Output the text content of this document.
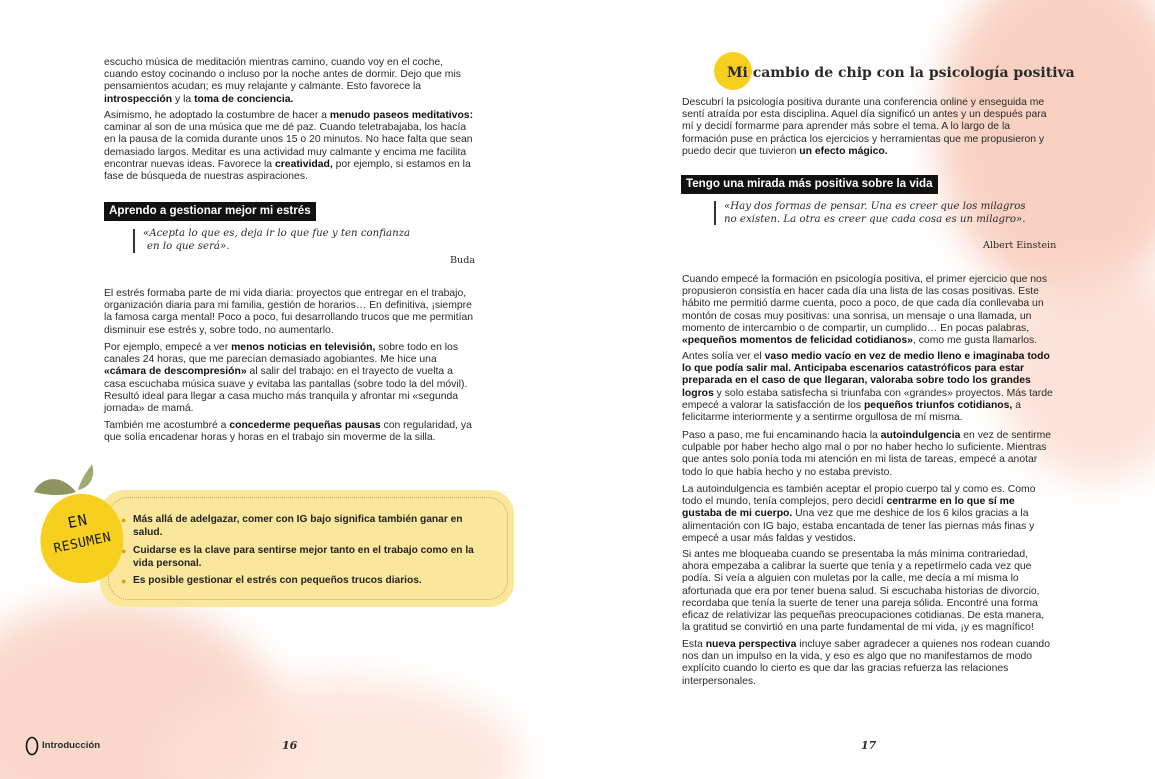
escucho música de meditación mientras camino, cuando voy en el coche, cuando estoy cocinando o incluso por la noche antes de dormir. Dejo que mis pensamientos acudan; es muy relajante y calmante. Esto favorece la introspección y la toma de conciencia.

Asimismo, he adoptado la costumbre de hacer a menudo paseos meditativos: caminar al son de una música que me dé paz. Cuando teletrabajaba, los hacía en la pausa de la comida durante unos 15 o 20 minutos. No hace falta que sean demasiado largos. Meditar es una actividad muy calmante y encima me facilita encontrar nuevas ideas. Favorece la creatividad, por ejemplo, si estamos en la fase de búsqueda de nuestras aspiraciones.

Aprendo a gestionar mejor mi estrés
«Acepta lo que es, deja ir lo que fue y ten confianza
en lo que será».
Buda

El estrés formaba parte de mi vida diaria: proyectos que entregar en el trabajo, organización diaria para mi familia, gestión de horarios… En definitiva, ¡siempre la famosa carga mental! Poco a poco, fui desarrollando trucos que me permitían disminuir ese estrés y, sobre todo, no aumentarlo.

Por ejemplo, empecé a ver menos noticias en televisión, sobre todo en los canales 24 horas, que me parecían demasiado agobiantes. Me hice una «cámara de descompresión» al salir del trabajo: en el trayecto de vuelta a casa escuchaba música suave y evitaba las pantallas (sobre todo la del móvil). Resultó ideal para llegar a casa mucho más tranquila y afrontar mi «segunda jornada» de mamá.

También me acostumbré a concederme pequeñas pausas con regularidad, ya que solía encadenar horas y horas en el trabajo sin moverme de la silla.

EN
RESUMEN
● Más allá de adelgazar, comer con IG bajo significa también ganar en salud.
● Cuidarse es la clave para sentirse mejor tanto en el trabajo como en la vida personal.
● Es posible gestionar el estrés con pequeños trucos diarios.
Introducción	16
Mi cambio de chip con la psicología positiva

Descubrí la psicología positiva durante una conferencia online y enseguida me sentí atraída por esta disciplina. Aquel día significó un antes y un después para mí y decidí formarme para aprender más sobre el tema. A lo largo de la formación puse en práctica los ejercicios y herramientas que me propusieron y puedo decir que tuvieron un efecto mágico.

Tengo una mirada más positiva sobre la vida
«Hay dos formas de pensar. Una es creer que los milagros
no existen. La otra es creer que cada cosa es un milagro».
Albert Einstein

Cuando empecé la formación en psicología positiva, el primer ejercicio que nos propusieron consistía en hacer cada día una lista de las cosas positivas. Este hábito me permitió darme cuenta, poco a poco, de que cada día conllevaba un montón de cosas muy positivas: una sonrisa, un mensaje o una llamada, un momento de intercambio o de compartir, un cumplido… En pocas palabras, «pequeños momentos de felicidad cotidianos», como me gusta llamarlos.

Antes solía ver el vaso medio vacío en vez de medio lleno e imaginaba todo lo que podía salir mal. Anticipaba escenarios catastróficos para estar preparada en el caso de que llegaran, valoraba sobre todo los grandes logros y solo estaba satisfecha si triunfaba con «grandes» proyectos. Más tarde empecé a valorar la satisfacción de los pequeños triunfos cotidianos, a felicitarme interiormente y a sentirme orgullosa de mí misma.

Paso a paso, me fui encaminando hacia la autoindulgencia en vez de sentirme culpable por haber hecho algo mal o por no haber hecho lo suficiente. Mientras que antes solo ponía toda mi atención en mi lista de tareas, empecé a anotar todo lo que había hecho y no estaba previsto.

La autoindulgencia es también aceptar el propio cuerpo tal y como es. Como todo el mundo, tenía complejos, pero decidí centrarme en lo que sí me gustaba de mi cuerpo. Una vez que me deshice de los 6 kilos gracias a la alimentación con IG bajo, estaba encantada de tener las piernas más finas y empecé a usar más faldas y vestidos.

Si antes me bloqueaba cuando se presentaba la más mínima contrariedad, ahora empezaba a calibrar la suerte que tenía y a repetírmelo cada vez que podía. Si veía a alguien con muletas por la calle, me decía a mí misma lo afortunada que era por tener buena salud. Si escuchaba historias de divorcio, recordaba que tenía la suerte de tener una pareja sólida. Encontré una forma eficaz de relativizar las pequeñas preocupaciones cotidianas. De esta manera, la gratitud se convirtió en una parte fundamental de mi vida, ¡y es magnífico!

Esta nueva perspectiva incluye saber agradecer a quienes nos rodean cuando nos dan un impulso en la vida, y eso es algo que no manifestamos de modo explícito cuando lo cierto es que dar las gracias refuerza las relaciones interpersonales.

17
